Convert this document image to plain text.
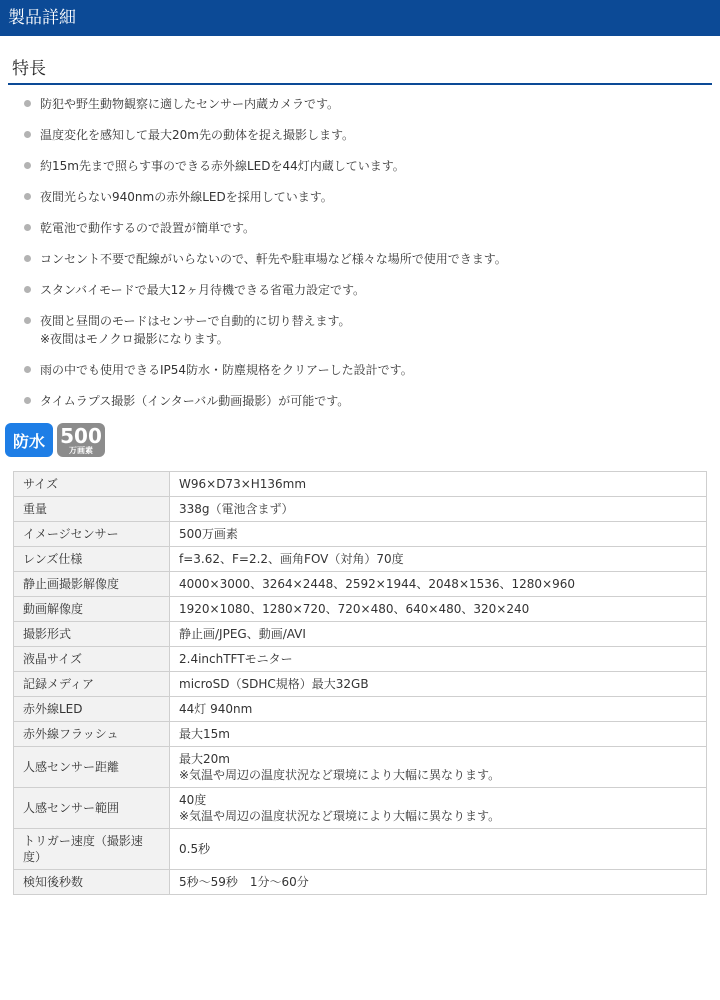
製品詳細
特長
防犯や野生動物観察に適したセンサー内蔵カメラです。
温度変化を感知して最大20m先の動体を捉え撮影します。
約15m先まで照らす事のできる赤外線LEDを44灯内蔵しています。
夜間光らない940nmの赤外線LEDを採用しています。
乾電池で動作するので設置が簡単です。
コンセント不要で配線がいらないので、軒先や駐車場など様々な場所で使用できます。
スタンバイモードで最大12ヶ月待機できる省電力設定です。
夜間と昼間のモードはセンサーで自動的に切り替えます。
※夜間はモノクロ撮影になります。
雨の中でも使用できるIP54防水・防塵規格をクリアーした設計です。
タイムラプス撮影（インターバル動画撮影）が可能です。
防水 500
万画素
サイズ	W96×D73×H136mm

重量	338g（電池含まず）

イメージセンサー	500万画素

レンズ仕様	f=3.62、F=2.2、画角FOV（対角）70度

静止画撮影解像度	4000×3000、3264×2448、2592×1944、2048×1536、1280×960

動画解像度	1920×1080、1280×720、720×480、640×480、320×240

撮影形式	静止画/JPEG、動画/AVI

液晶サイズ	2.4inchTFTモニター

記録メディア	microSD（SDHC規格）最大32GB

赤外線LED	44灯 940nm

赤外線フラッシュ	最大15m

人感センサー距離	最大20m
※気温や周辺の温度状況など環境により大幅に異なります。

人感センサー範囲	40度
※気温や周辺の温度状況など環境により大幅に異なります。

トリガー速度（撮影速度）	0.5秒

検知後秒数	5秒～59秒　1分～60分
